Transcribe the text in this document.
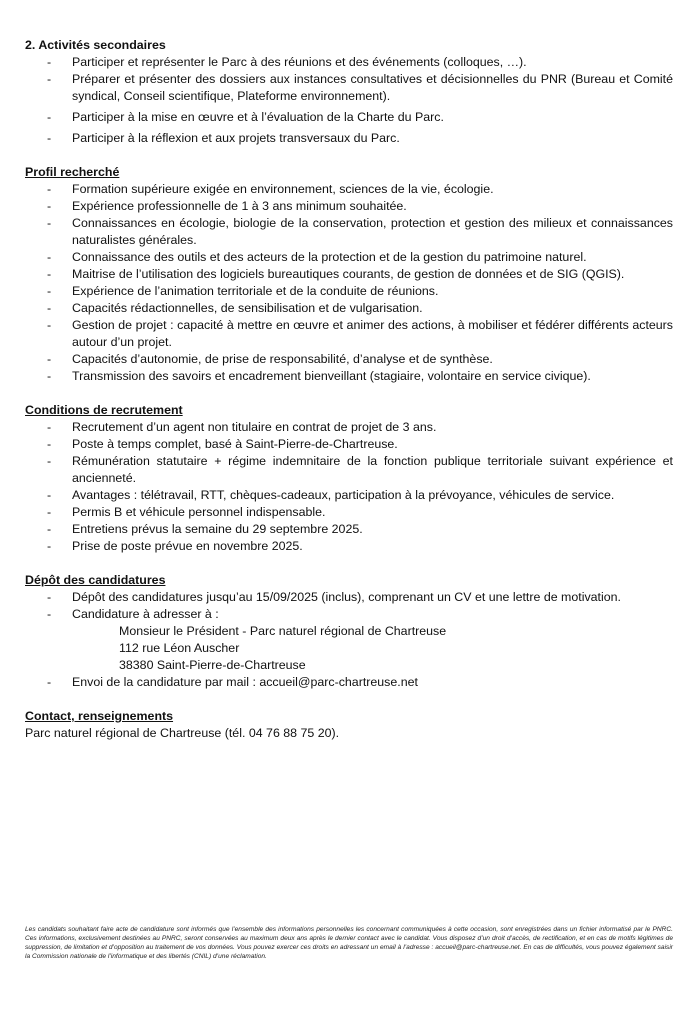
2. Activités secondaires

- Participer et représenter le Parc à des réunions et des événements (colloques, …).
- Préparer et présenter des dossiers aux instances consultatives et décisionnelles du PNR (Bureau et Comité syndical, Conseil scientifique, Plateforme environnement).
- Participer à la mise en œuvre et à l’évaluation de la Charte du Parc.
- Participer à la réflexion et aux projets transversaux du Parc.

Profil recherché

- Formation supérieure exigée en environnement, sciences de la vie, écologie.
- Expérience professionnelle de 1 à 3 ans minimum souhaitée.
- Connaissances en écologie, biologie de la conservation, protection et gestion des milieux et connaissances naturalistes générales.
- Connaissance des outils et des acteurs de la protection et de la gestion du patrimoine naturel.
- Maitrise de l’utilisation des logiciels bureautiques courants, de gestion de données et de SIG (QGIS).
- Expérience de l’animation territoriale et de la conduite de réunions.
- Capacités rédactionnelles, de sensibilisation et de vulgarisation.
- Gestion de projet : capacité à mettre en œuvre et animer des actions, à mobiliser et fédérer différents acteurs autour d’un projet.
- Capacités d’autonomie, de prise de responsabilité, d’analyse et de synthèse.
- Transmission des savoirs et encadrement bienveillant (stagiaire, volontaire en service civique).

Conditions de recrutement

- Recrutement d’un agent non titulaire en contrat de projet de 3 ans.
- Poste à temps complet, basé à Saint-Pierre-de-Chartreuse.
- Rémunération statutaire + régime indemnitaire de la fonction publique territoriale suivant expérience et ancienneté.
- Avantages : télétravail, RTT, chèques-cadeaux, participation à la prévoyance, véhicules de service.
- Permis B et véhicule personnel indispensable.
- Entretiens prévus la semaine du 29 septembre 2025.
- Prise de poste prévue en novembre 2025.

Dépôt des candidatures

- Dépôt des candidatures jusqu’au 15/09/2025 (inclus), comprenant un CV et une lettre de motivation.
- Candidature à adresser à :
Monsieur le Président - Parc naturel régional de Chartreuse
112 rue Léon Auscher
38380 Saint-Pierre-de-Chartreuse
- Envoi de la candidature par mail : accueil@parc-chartreuse.net

Contact, renseignements

Parc naturel régional de Chartreuse (tél. 04 76 88 75 20).

Les candidats souhaitant faire acte de candidature sont informés que l’ensemble des informations personnelles les concernant communiquées à cette occasion, sont enregistrées dans un fichier informatisé par le PNRC. Ces informations, exclusivement destinées au PNRC, seront conservées au maximum deux ans après le dernier contact avec le candidat. Vous disposez d’un droit d’accès, de rectification, et en cas de motifs légitimes de suppression, de limitation et d’opposition au traitement de vos données. Vous pouvez exercer ces droits en adressant un email à l’adresse : accueil@parc-chartreuse.net. En cas de difficultés, vous pouvez également saisir la Commission nationale de l’informatique et des libertés (CNIL) d’une réclamation.
